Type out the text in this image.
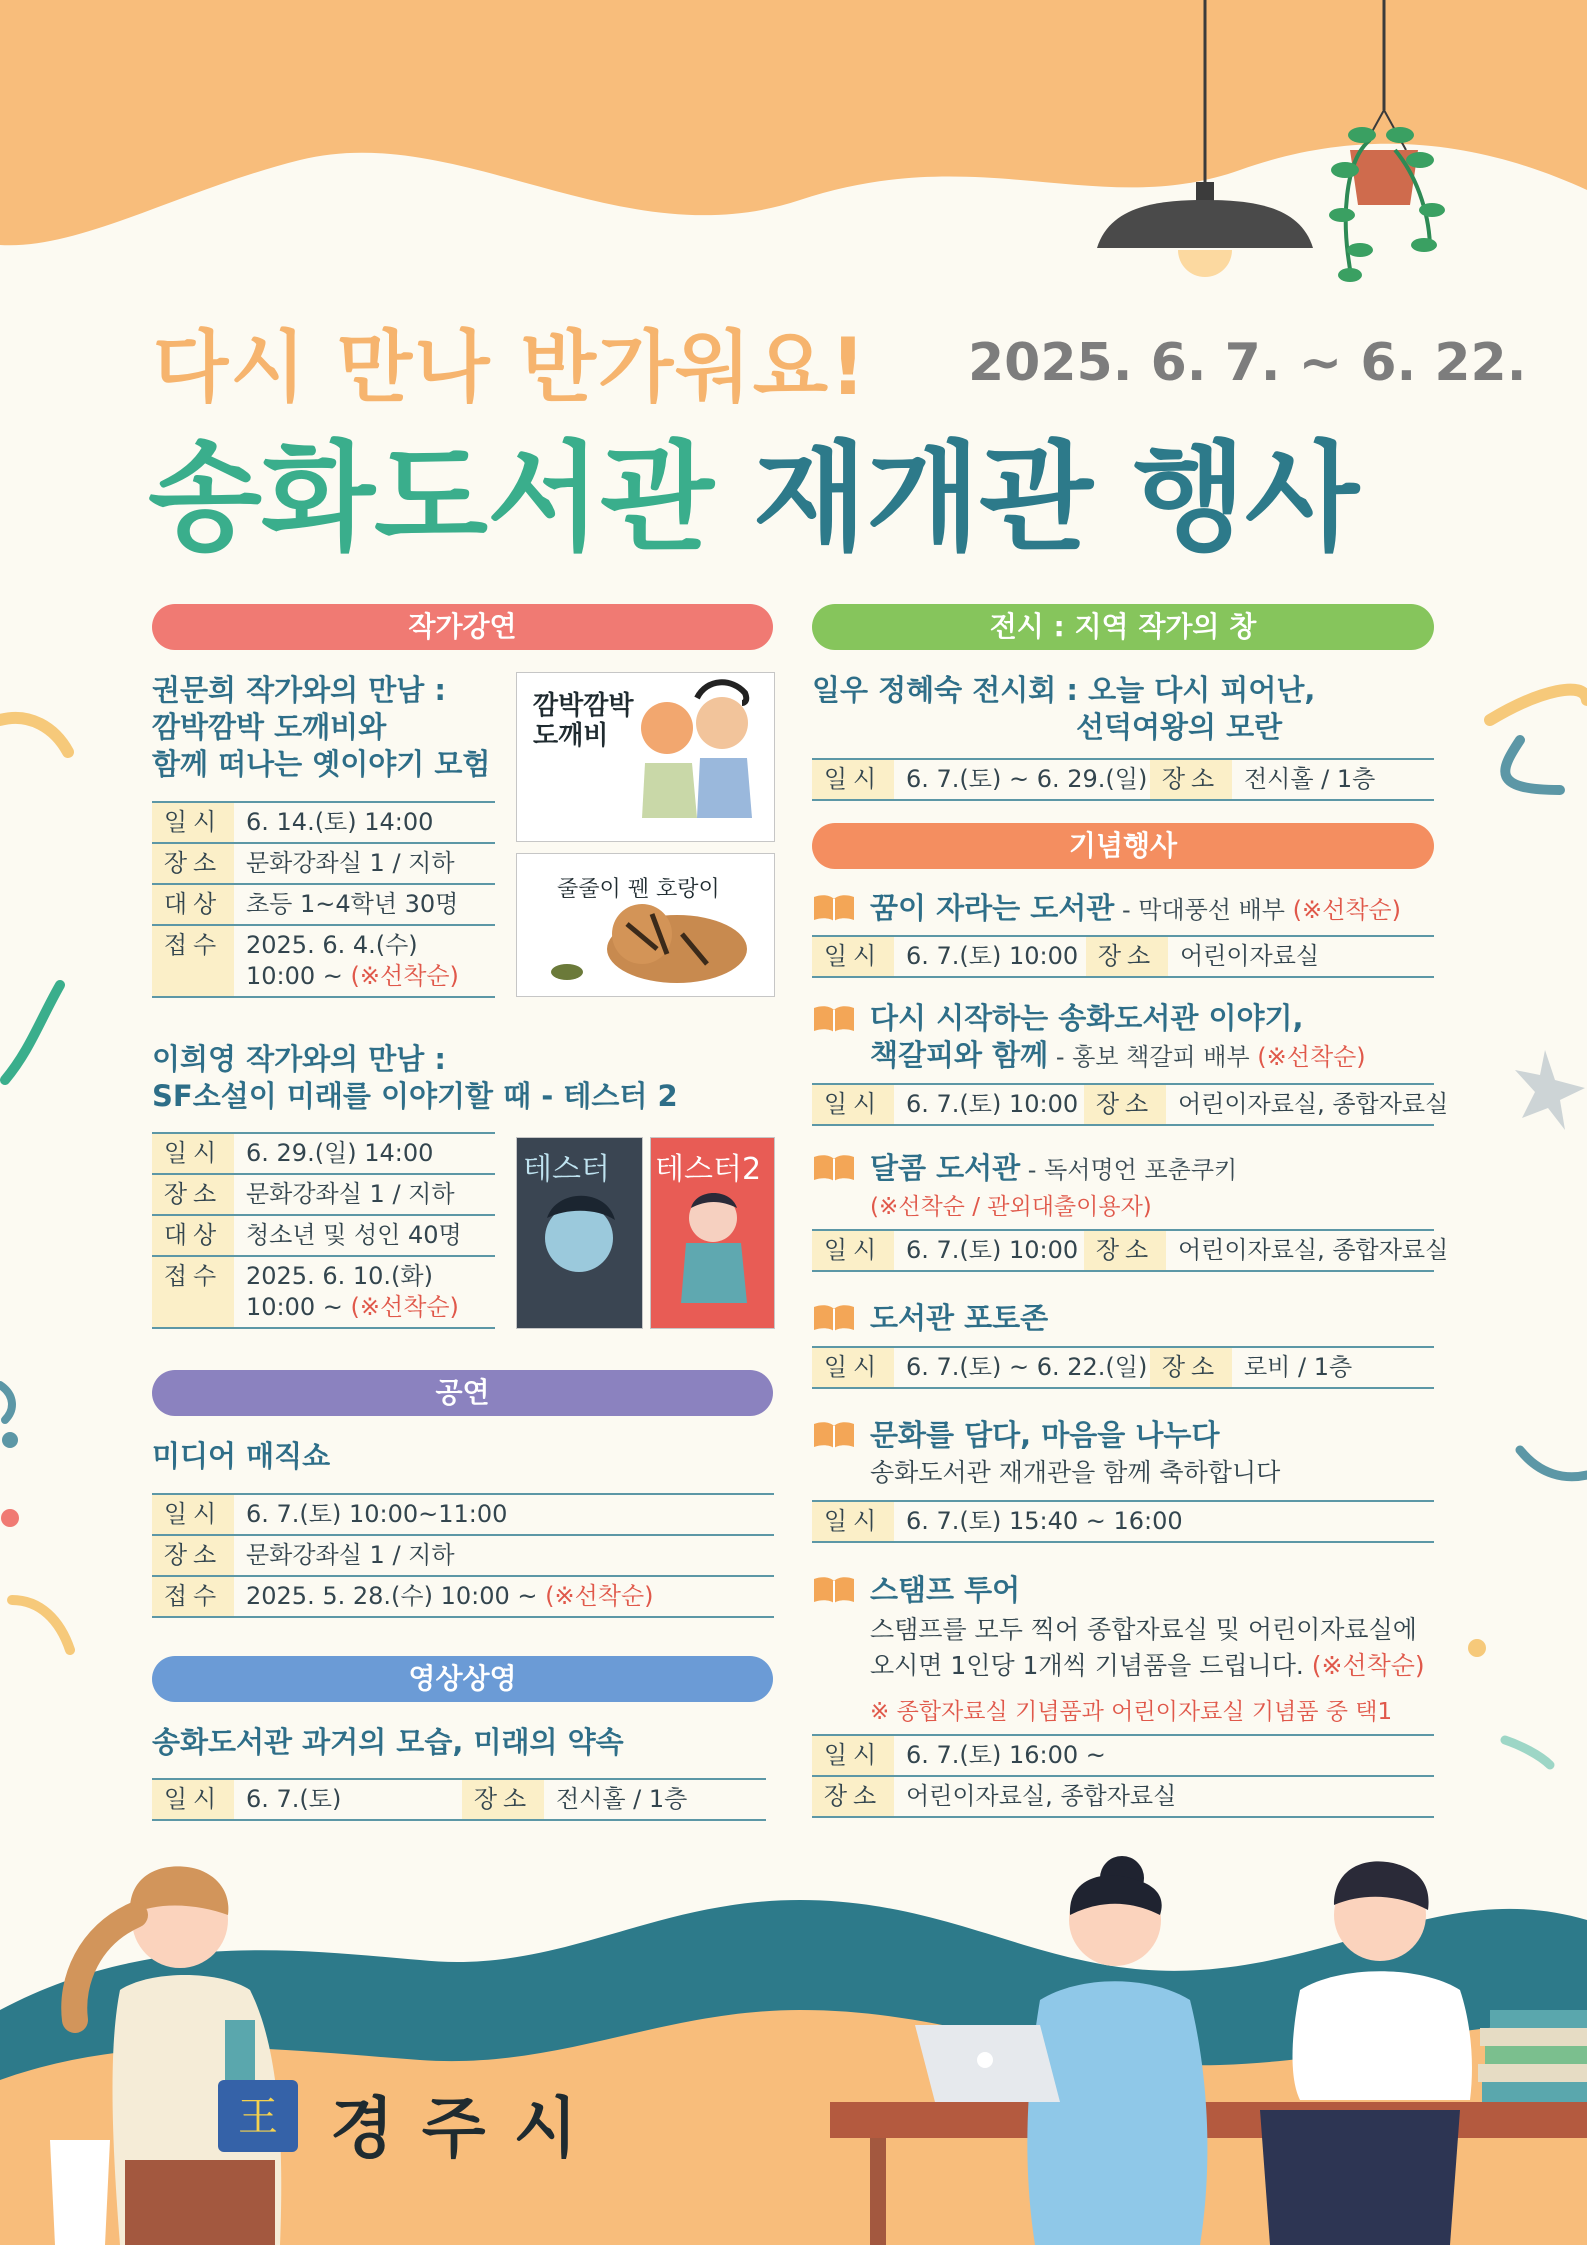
王
다시 만나 반가워요! 2025. 6. 7. ~ 6. 22.
송화도서관 재개관 행사
작가강연
권문희 작가와의 만남 :
깜박깜박 도깨비와
함께 떠나는 옛이야기 모험
일시 6. 14.(토) 14:00
장소 문화강좌실 1 / 지하
대상 초등 1~4학년 30명
접수 2025. 6. 4.(수)
10:00 ~ (※선착순)
깜박깜박 도깨비
줄줄이 꿴 호랑이
이희영 작가와의 만남 :
SF소설이 미래를 이야기할 때 - 테스터 2
일시 6. 29.(일) 14:00
장소 문화강좌실 1 / 지하
대상 청소년 및 성인 40명
접수 2025. 6. 10.(화)
10:00 ~ (※선착순)
테스터 테스터2
공연
미디어 매직쇼
일시 6. 7.(토) 10:00~11:00
장소 문화강좌실 1 / 지하
접수 2025. 5. 28.(수) 10:00 ~ (※선착순)
영상상영
송화도서관 과거의 모습, 미래의 약속
일시 6. 7.(토)	장소 전시홀 / 1층
전시 : 지역 작가의 창
일우 정혜숙 전시회 : 오늘 다시 피어난,
선덕여왕의 모란
일시 6. 7.(토) ~ 6. 29.(일) 장소 전시홀 / 1층
기념행사
꿈이 자라는 도서관 - 막대풍선 배부 (※선착순)
일시 6. 7.(토) 10:00 장소 어린이자료실
다시 시작하는 송화도서관 이야기,
책갈피와 함께 - 홍보 책갈피 배부 (※선착순)
일시 6. 7.(토) 10:00 장소 어린이자료실, 종합자료실
달콤 도서관 - 독서명언 포춘쿠키
(※선착순 / 관외대출이용자)
일시 6. 7.(토) 10:00 장소 어린이자료실, 종합자료실
도서관 포토존
일시 6. 7.(토) ~ 6. 22.(일) 장소 로비 / 1층
문화를 담다, 마음을 나누다
송화도서관 재개관을 함께 축하합니다
일시 6. 7.(토) 15:40 ~ 16:00
스탬프 투어
스탬프를 모두 찍어 종합자료실 및 어린이자료실에
오시면 1인당 1개씩 기념품을 드립니다. (※선착순)
※ 종합자료실 기념품과 어린이자료실 기념품 중 택1
일시 6. 7.(토) 16:00 ~
장소 어린이자료실, 종합자료실
경주시
